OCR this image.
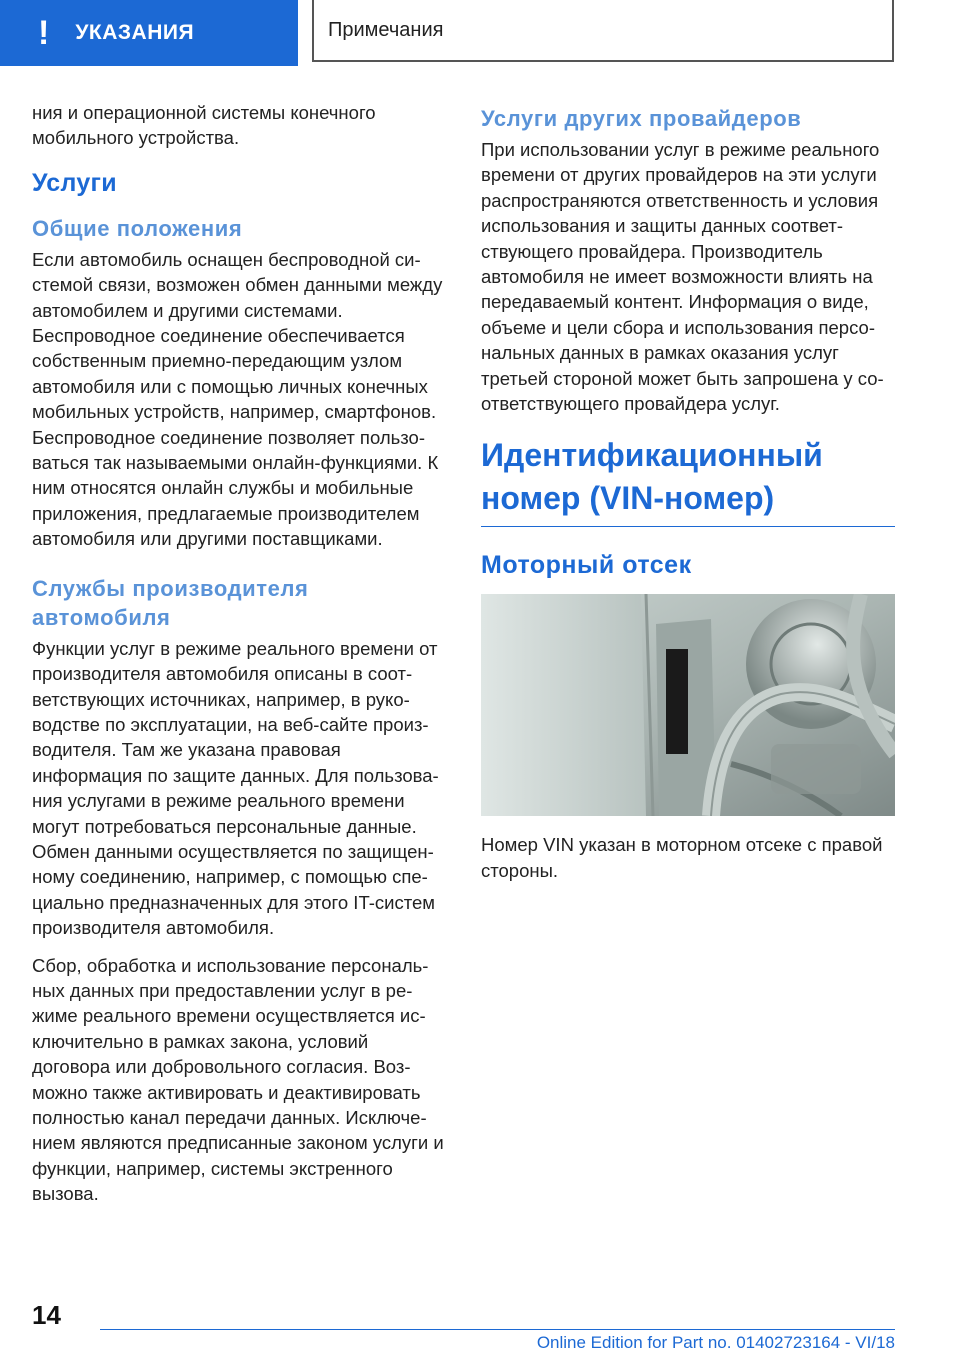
! УКАЗАНИЯ	Примечания

ния и операционной системы конечного мобильного устройства.

Услуги
Общие положения

Если автомобиль оснащен беспроводной си-стемой связи, возможен обмен данными между автомобилем и другими системами. Беспроводное соединение обеспечивается собственным приемно-передающим узлом автомобиля или с помощью личных конечных мобильных устройств, например, смартфонов. Беспроводное соединение позволяет пользо-ваться так называемыми онлайн-функциями. К ним относятся онлайн службы и мобильные приложения, предлагаемые производителем автомобиля или другими поставщиками.

Службы производителя автомобиля

Функции услуг в режиме реального времени от производителя автомобиля описаны в соот-ветствующих источниках, например, в руко-водстве по эксплуатации, на веб-сайте произ-водителя. Там же указана правовая информация по защите данных. Для пользова-ния услугами в режиме реального времени могут потребоваться персональные данные. Обмен данными осуществляется по защищен-ному соединению, например, с помощью спе-циально предназначенных для этого IT-систем производителя автомобиля.

Сбор, обработка и использование персональ-ных данных при предоставлении услуг в ре-жиме реального времени осуществляется ис-ключительно в рамках закона, условий договора или добровольного согласия. Воз-можно также активировать и деактивировать полностью канал передачи данных. Исключе-нием являются предписанные законом услуги и функции, например, системы экстренного вызова.

Услуги других провайдеров

При использовании услуг в режиме реального времени от других провайдеров на эти услуги распространяются ответственность и условия использования и защиты данных соответ-ствующего провайдера. Производитель автомобиля не имеет возможности влиять на передаваемый контент. Информация о виде, объеме и цели сбора и использования персо-нальных данных в рамках оказания услуг третьей стороной может быть запрошена у со-ответствующего провайдера услуг.

Идентификационный номер (VIN-номер)
Моторный отсек

Номер VIN указан в моторном отсеке с правой стороны.

14
Online Edition for Part no. 01402723164 - VI/18
